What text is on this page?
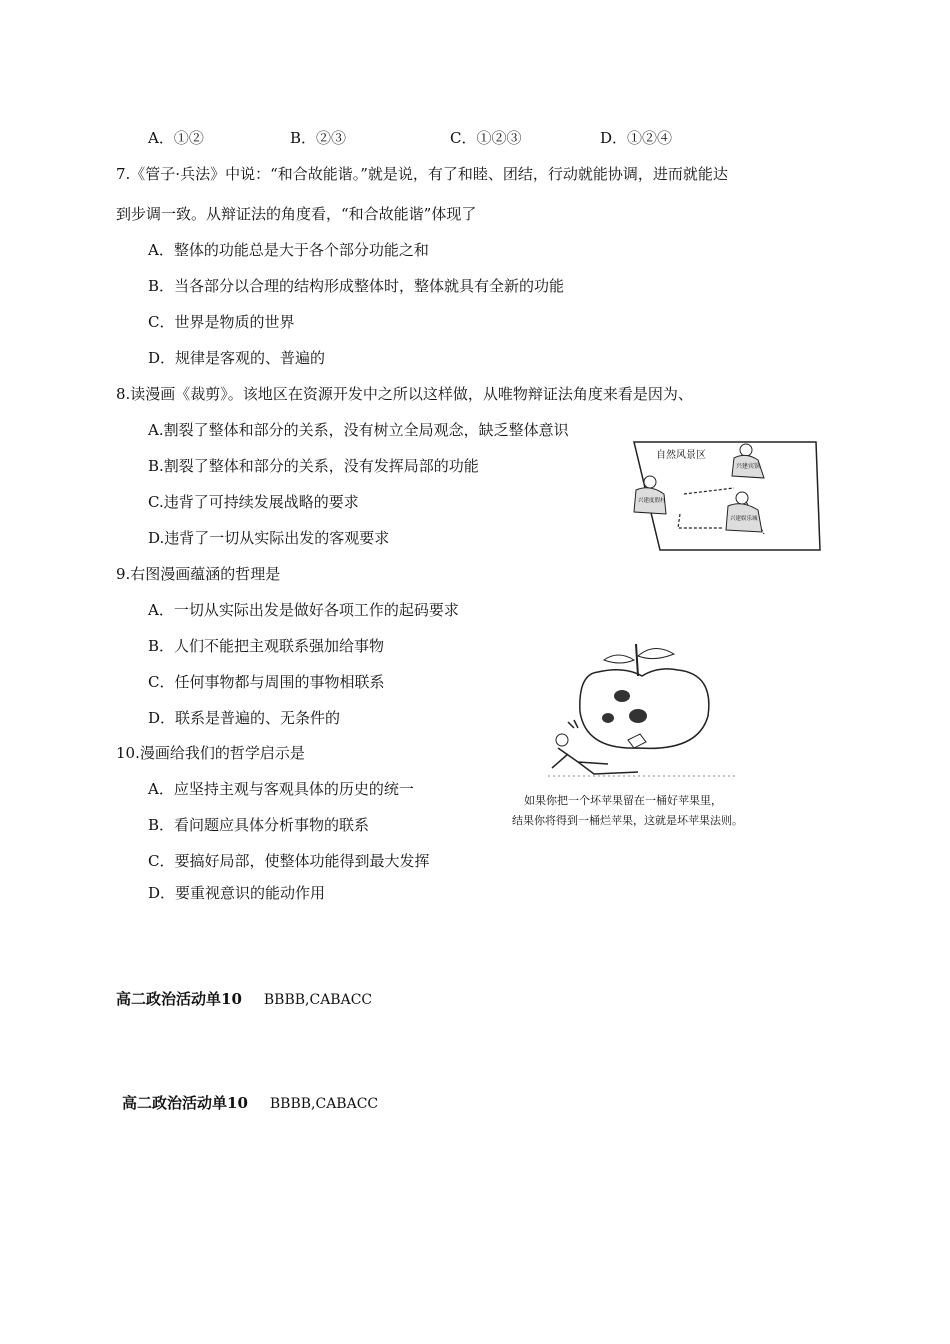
A．①②	B．②③	C．①②③	D．①②④
7.《管子·兵法》中说：“和合故能谐。”就是说，有了和睦、团结，行动就能协调，进而就能达
到步调一致。从辩证法的角度看，“和合故能谐”体现了
A．整体的功能总是大于各个部分功能之和
B．当各部分以合理的结构形成整体时，整体就具有全新的功能
C．世界是物质的世界
D．规律是客观的、普遍的
8.读漫画《裁剪》。该地区在资源开发中之所以这样做，从唯物辩证法角度来看是因为、
A.割裂了整体和部分的关系，没有树立全局观念，缺乏整体意识
B.割裂了整体和部分的关系，没有发挥局部的功能
C.违背了可持续发展战略的要求
D.违背了一切从实际出发的客观要求
自然风景区
兴建宾馆
兴建度假村
兴建娱乐城
9.右图漫画蕴涵的哲理是
A．一切从实际出发是做好各项工作的起码要求
B．人们不能把主观联系强加给事物
C．任何事物都与周围的事物相联系
D．联系是普遍的、无条件的
如果你把一个坏苹果留在一桶好苹果里，
结果你将得到一桶烂苹果，这就是坏苹果法则。
10.漫画给我们的哲学启示是
A．应坚持主观与客观具体的历史的统一
B．看问题应具体分析事物的联系
C．要搞好局部，使整体功能得到最大发挥
D．要重视意识的能动作用
高二政治活动单10 BBBB,CABACC
高二政治活动单10 BBBB,CABACC
